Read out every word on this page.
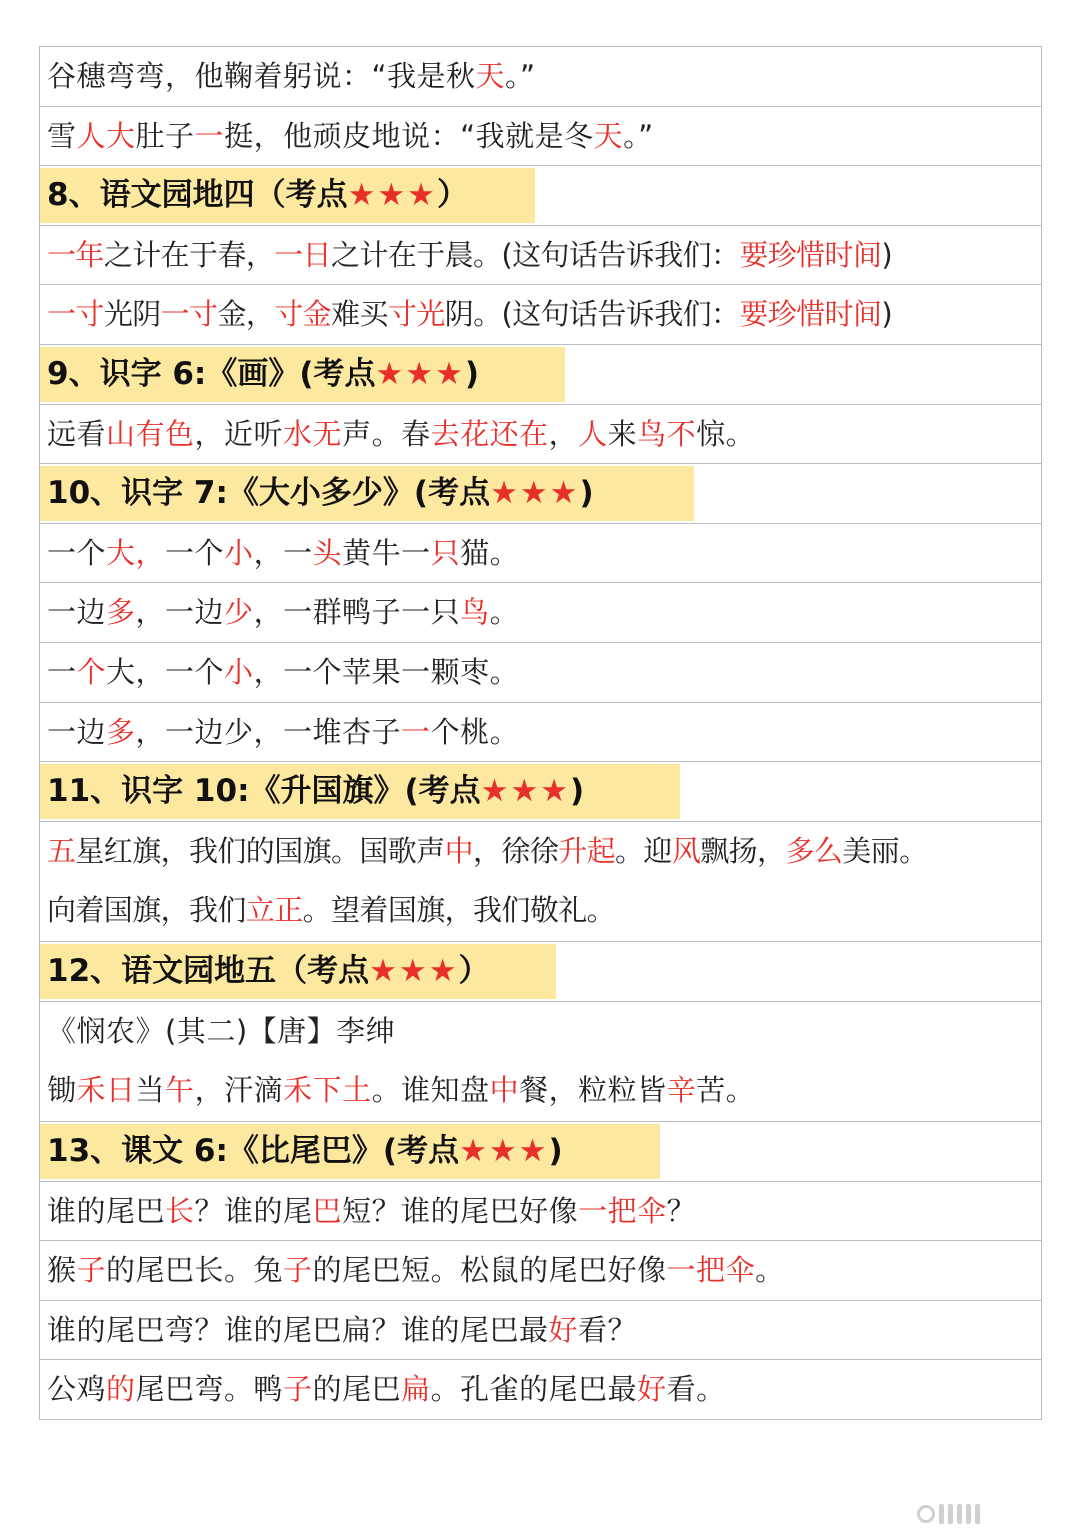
谷穗弯弯，他鞠着躬说：“我是秋天。”
雪人大肚子一挺，他顽皮地说：“我就是冬天。”
8、语文园地四（考点★★★）
一年之计在于春，一日之计在于晨。(这句话告诉我们：要珍惜时间)
一寸光阴一寸金，寸金难买寸光阴。(这句话告诉我们：要珍惜时间)
9、识字 6:《画》(考点★★★)
远看山有色，近听水无声。春去花还在，人来鸟不惊。
10、识字 7:《大小多少》(考点★★★)
一个大，一个小，一头黄牛一只猫。
一边多，一边少，一群鸭子一只鸟。
一个大，一个小，一个苹果一颗枣。
一边多，一边少，一堆杏子一个桃。
11、识字 10:《升国旗》(考点★★★)
五星红旗，我们的国旗。国歌声中，徐徐升起。迎风飘扬，多么美丽。
向着国旗，我们立正。望着国旗，我们敬礼。
12、语文园地五（考点★★★）
《悯农》(其二)【唐】李绅
锄禾日当午，汗滴禾下土。谁知盘中餐，粒粒皆辛苦。
13、课文 6:《比尾巴》(考点★★★)
谁的尾巴长？谁的尾巴短？谁的尾巴好像一把伞？
猴子的尾巴长。兔子的尾巴短。松鼠的尾巴好像一把伞。
谁的尾巴弯？谁的尾巴扁？谁的尾巴最好看？
公鸡的尾巴弯。鸭子的尾巴扁。孔雀的尾巴最好看。
